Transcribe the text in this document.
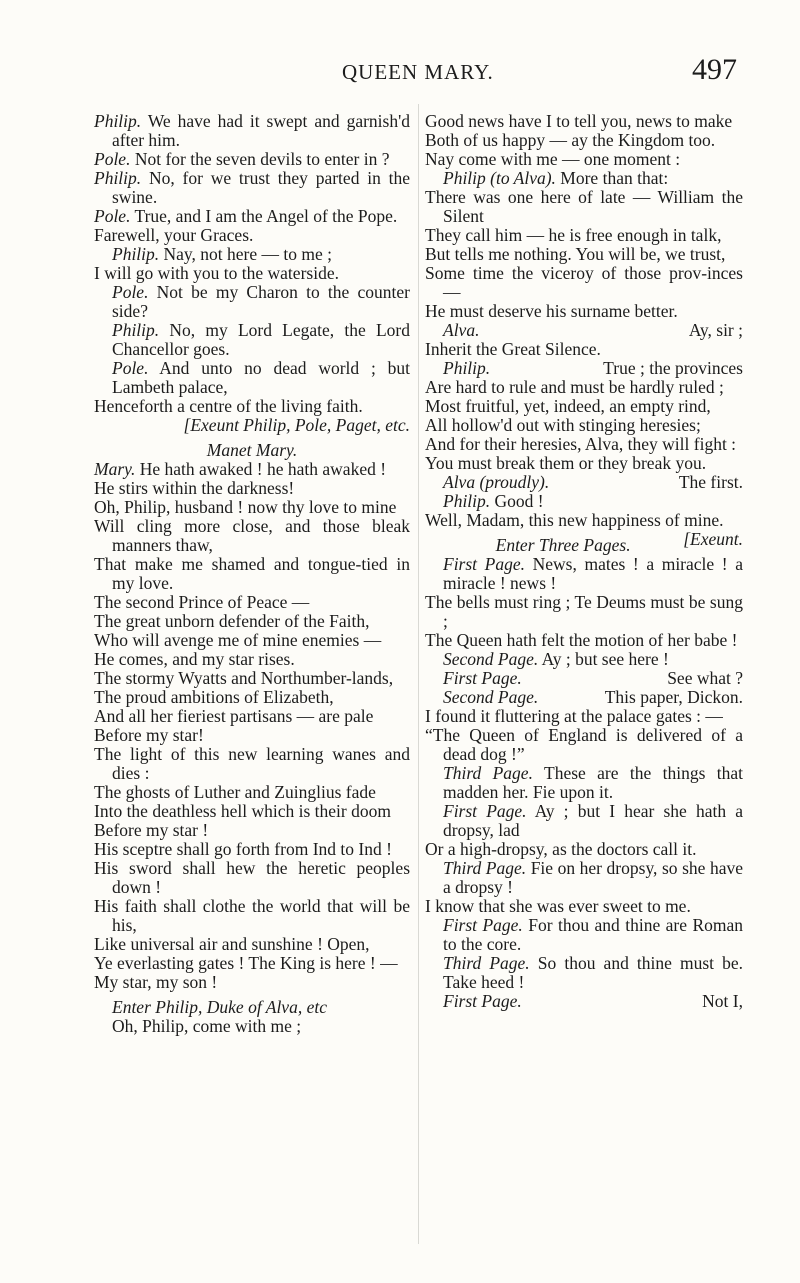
QUEEN MARY.	497
Philip. We have had it swept and garnish'd after him.
Pole. Not for the seven devils to enter in ?
Philip. No, for we trust they parted in the swine.
Pole. True, and I am the Angel of the Pope.
Farewell, your Graces.
Philip. Nay, not here — to me ;
I will go with you to the waterside.
Pole. Not be my Charon to the counter side?
Philip. No, my Lord Legate, the Lord Chancellor goes.
Pole. And unto no dead world ; but Lambeth palace,
Henceforth a centre of the living faith.
[Exeunt Philip, Pole, Paget, etc.
Manet Mary.
Mary. He hath awaked ! he hath awaked !
He stirs within the darkness!
Oh, Philip, husband ! now thy love to mine
Will cling more close, and those bleak manners thaw,
That make me shamed and tongue-tied in my love.
The second Prince of Peace —
The great unborn defender of the Faith,
Who will avenge me of mine enemies —
He comes, and my star rises.
The stormy Wyatts and Northumber-lands,
The proud ambitions of Elizabeth,
And all her fieriest partisans — are pale
Before my star!
The light of this new learning wanes and dies :
The ghosts of Luther and Zuinglius fade
Into the deathless hell which is their doom
Before my star !
His sceptre shall go forth from Ind to Ind !
His sword shall hew the heretic peoples down !
His faith shall clothe the world that will be his,
Like universal air and sunshine ! Open,
Ye everlasting gates ! The King is here ! —
My star, my son !
Enter Philip, Duke of Alva, etc
Oh, Philip, come with me ;
Good news have I to tell you, news to make
Both of us happy — ay the Kingdom too.
Nay come with me — one moment :
Philip (to Alva). More than that:
There was one here of late — William the Silent
They call him — he is free enough in talk,
But tells me nothing. You will be, we trust,
Some time the viceroy of those prov-inces —
He must deserve his surname better.
Alva.	Ay, sir ;
Inherit the Great Silence.
Philip.	True ; the provinces
Are hard to rule and must be hardly ruled ;
Most fruitful, yet, indeed, an empty rind,
All hollow'd out with stinging heresies;
And for their heresies, Alva, they will fight :
You must break them or they break you.
Alva (proudly).	The first.
Philip. Good !
Well, Madam, this new happiness of mine.
[Exeunt.
Enter Three Pages.
First Page. News, mates ! a miracle ! a miracle ! news !
The bells must ring ; Te Deums must be sung ;
The Queen hath felt the motion of her babe !
Second Page. Ay ; but see here !
First Page.	See what ?
Second Page.	This paper, Dickon.
I found it fluttering at the palace gates : —
“The Queen of England is delivered of a dead dog !”
Third Page. These are the things that madden her. Fie upon it.
First Page. Ay ; but I hear she hath a dropsy, lad
Or a high-dropsy, as the doctors call it.
Third Page. Fie on her dropsy, so she have a dropsy !
I know that she was ever sweet to me.
First Page. For thou and thine are Roman to the core.
Third Page. So thou and thine must be. Take heed !
First Page.	Not I,
